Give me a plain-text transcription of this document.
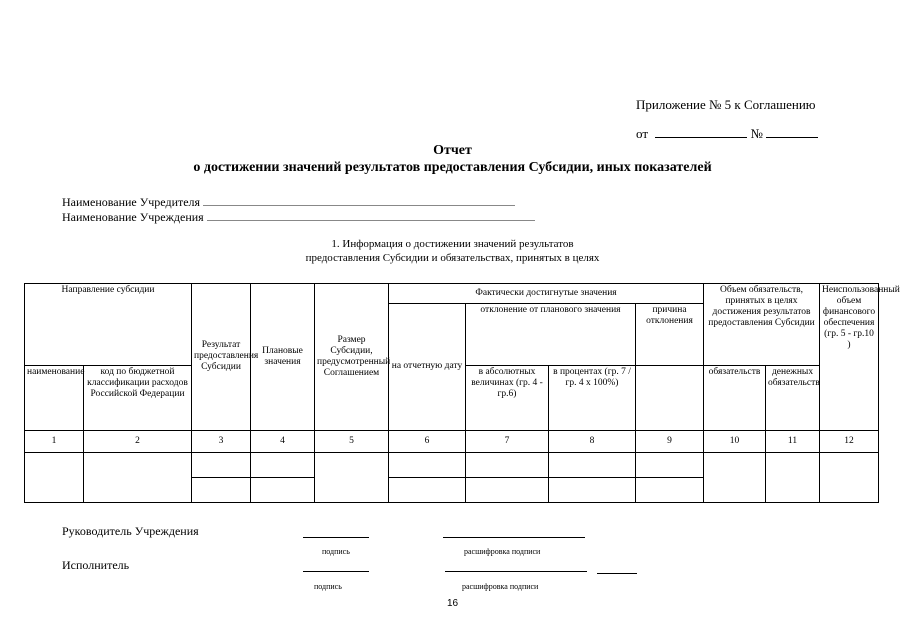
Приложение № 5 к Соглашению
от	№
Отчет
о достижении значений результатов предоставления Субсидии, иных показателей
Наименование Учредителя
Наименование Учреждения
1. Информация о достижении значений результатов
предоставления Субсидии и обязательствах, принятых в целях
Направление субсидии		Результат предоставления Субсидии	Плановые значения	Размер Субсидии, предусмотренный Соглашением	Фактически достигнутые значения				Объем обязательств, принятых в целях достижения результатов предоставления Субсидии		Неиспользованный объем финансового обеспечения (гр. 5 - гр.10 )
					на отчетную дату	отклонение от планового значения		причина отклонения			
наименование	код по бюджетной классификации расходов Российской Федерации					в абсолютных величинах (гр. 4 - гр.6)	в процентах (гр. 7 / гр. 4 х 100%)		обязательств	денежных обязательств	
1	2	3	4	5	6	7	8	9	10	11	12

Руководитель Учреждения
подпись	расшифровка подписи
Исполнитель
подпись	расшифровка подписи
16
